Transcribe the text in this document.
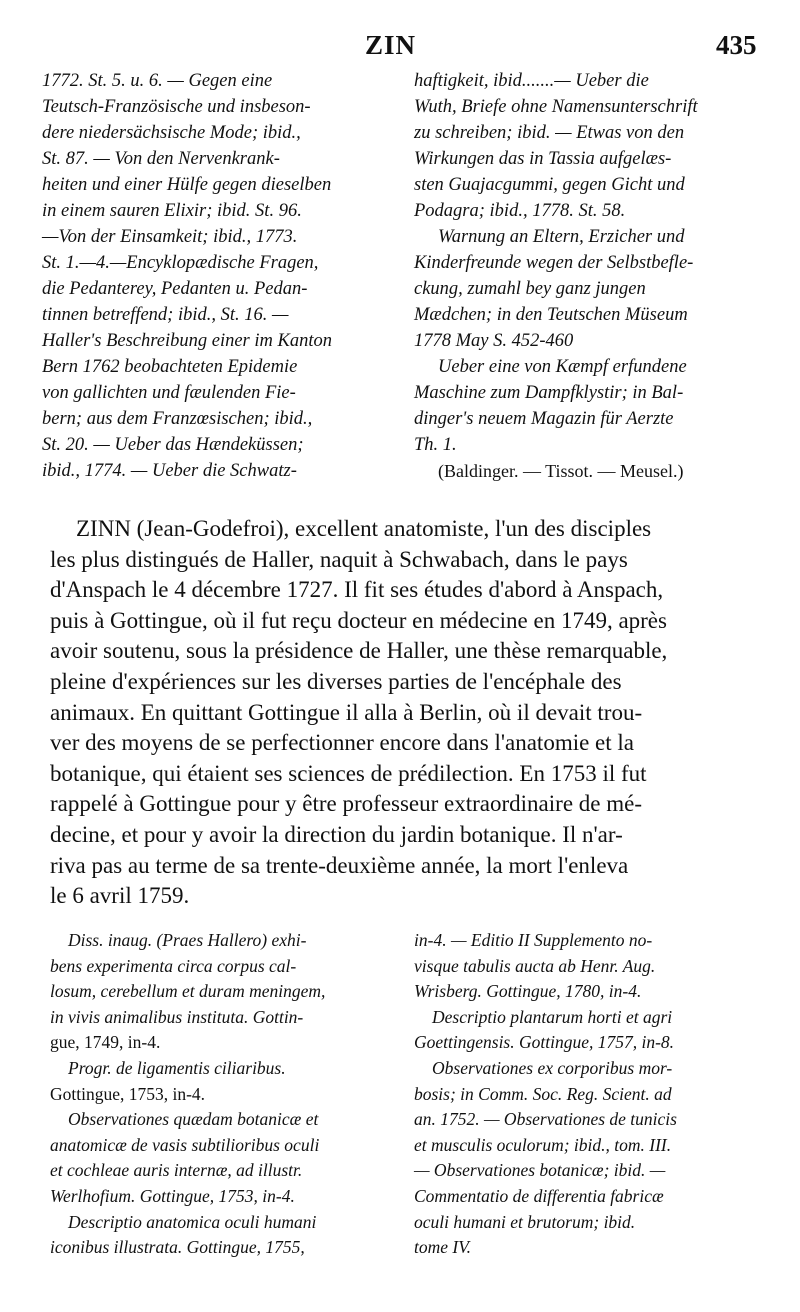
ZIN	435
1772. St. 5. u. 6. — Gegen eine
Teutsch-Französische und insbeson-
dere niedersächsische Mode; ibid.,
St. 87. — Von den Nervenkrank-
heiten und einer Hülfe gegen dieselben
in einem sauren Elixir; ibid. St. 96.
—Von der Einsamkeit; ibid., 1773.
St. 1.—4.—Encyklopædische Fragen,
die Pedanterey, Pedanten u. Pedan-
tinnen betreffend; ibid., St. 16. —
Haller's Beschreibung einer im Kanton
Bern 1762 beobachteten Epidemie
von gallichten und fæulenden Fie-
bern; aus dem Franzœsischen; ibid.,
St. 20. — Ueber das Hændeküssen;
ibid., 1774. — Ueber die Schwatz-
haftigkeit, ibid.......— Ueber die
Wuth, Briefe ohne Namensunterschrift
zu schreiben; ibid. — Etwas von den
Wirkungen das in Tassia aufgelæs-
sten Guajacgummi, gegen Gicht und
Podagra; ibid., 1778. St. 58.
Warnung an Eltern, Erzicher und
Kinderfreunde wegen der Selbstbefle-
ckung, zumahl bey ganz jungen
Mædchen; in den Teutschen Müseum
1778 May S. 452-460
Ueber eine von Kæmpf erfundene
Maschine zum Dampfklystir; in Bal-
dinger's neuem Magazin für Aerzte
Th. 1.
(Baldinger. — Tissot. — Meusel.)
ZINN (Jean-Godefroi), excellent anatomiste, l'un des disciples
les plus distingués de Haller, naquit à Schwabach, dans le pays
d'Anspach le 4 décembre 1727. Il fit ses études d'abord à Anspach,
puis à Gottingue, où il fut reçu docteur en médecine en 1749, après
avoir soutenu, sous la présidence de Haller, une thèse remarquable,
pleine d'expériences sur les diverses parties de l'encéphale des
animaux. En quittant Gottingue il alla à Berlin, où il devait trou-
ver des moyens de se perfectionner encore dans l'anatomie et la
botanique, qui étaient ses sciences de prédilection. En 1753 il fut
rappelé à Gottingue pour y être professeur extraordinaire de mé-
decine, et pour y avoir la direction du jardin botanique. Il n'ar-
riva pas au terme de sa trente-deuxième année, la mort l'enleva
le 6 avril 1759.
Diss. inaug. (Praes Hallero) exhi-
bens experimenta circa corpus cal-
losum, cerebellum et duram meningem,
in vivis animalibus instituta. Gottin-
gue, 1749, in-4.
Progr. de ligamentis ciliaribus.
Gottingue, 1753, in-4.
Observationes quædam botanicæ et
anatomicæ de vasis subtilioribus oculi
et cochleae auris internæ, ad illustr.
Werlhofium. Gottingue, 1753, in-4.
Descriptio anatomica oculi humani
iconibus illustrata. Gottingue, 1755,
in-4. — Editio II Supplemento no-
visque tabulis aucta ab Henr. Aug.
Wrisberg. Gottingue, 1780, in-4.
Descriptio plantarum horti et agri
Goettingensis. Gottingue, 1757, in-8.
Observationes ex corporibus mor-
bosis; in Comm. Soc. Reg. Scient. ad
an. 1752. — Observationes de tunicis
et musculis oculorum; ibid., tom. III.
— Observationes botanicæ; ibid. —
Commentatio de differentia fabricæ
oculi humani et brutorum; ibid.
tome IV.
